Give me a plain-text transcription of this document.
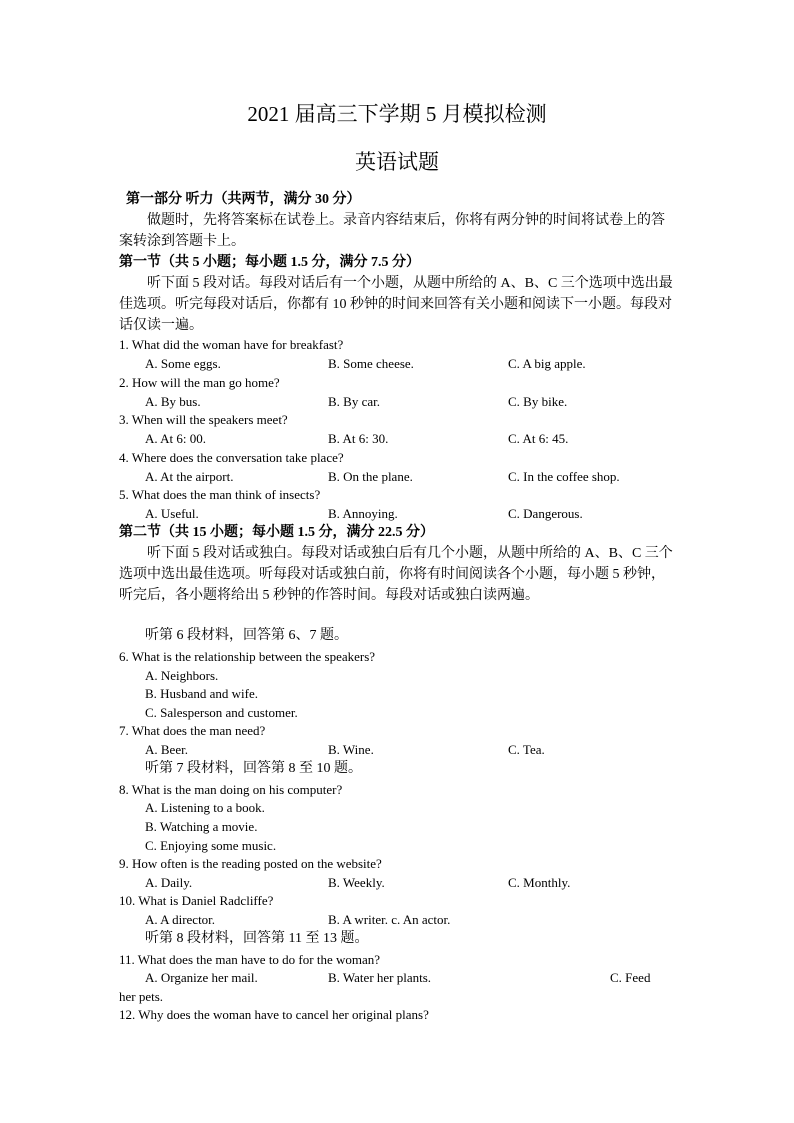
2021 届高三下学期 5 月模拟检测
英语试题
第一部分 听力（共两节，满分 30 分）
做题时，先将答案标在试卷上。录音内容结束后，你将有两分钟的时间将试卷上的答案转涂到答题卡上。
第一节（共 5 小题；每小题 1.5 分，满分 7.5 分）
听下面 5 段对话。每段对话后有一个小题，从题中所给的 A、B、C 三个选项中选出最佳选项。听完每段对话后，你都有 10 秒钟的时间来回答有关小题和阅读下一小题。每段对话仅读一遍。
1. What did the woman have for breakfast?
A. Some eggs.	B. Some cheese.	C. A big apple.
2. How will the man go home?
A. By bus.	B. By car.	C. By bike.
3. When will the speakers meet?
A. At 6: 00.	B. At 6: 30.	C. At 6: 45.
4. Where does the conversation take place?
A. At the airport.	B. On the plane.	C. In the coffee shop.
5. What does the man think of insects?
A. Useful.	B. Annoying.	C. Dangerous.
第二节（共 15 小题；每小题 1.5 分，满分 22.5 分）
听下面 5 段对话或独白。每段对话或独白后有几个小题，从题中所给的 A、B、C 三个选项中选出最佳选项。听每段对话或独白前，你将有时间阅读各个小题，每小题 5 秒钟，听完后，各小题将给出 5 秒钟的作答时间。每段对话或独白读两遍。
听第 6 段材料，回答第 6、7 题。
6. What is the relationship between the speakers?
A. Neighbors.
B. Husband and wife.
C. Salesperson and customer.
7. What does the man need?
A. Beer.	B. Wine.	C. Tea.
听第 7 段材料，回答第 8 至 10 题。
8. What is the man doing on his computer?
A. Listening to a book.
B. Watching a movie.
C. Enjoying some music.
9. How often is the reading posted on the website?
A. Daily.	B. Weekly.	C. Monthly.
10. What is Daniel Radcliffe?
A. A director.	B. A writer. c. An actor.
听第 8 段材料，回答第 11 至 13 题。
11. What does the man have to do for the woman?
A. Organize her mail.	B. Water her plants.	C. Feed
her pets.
12. Why does the woman have to cancel her original plans?
